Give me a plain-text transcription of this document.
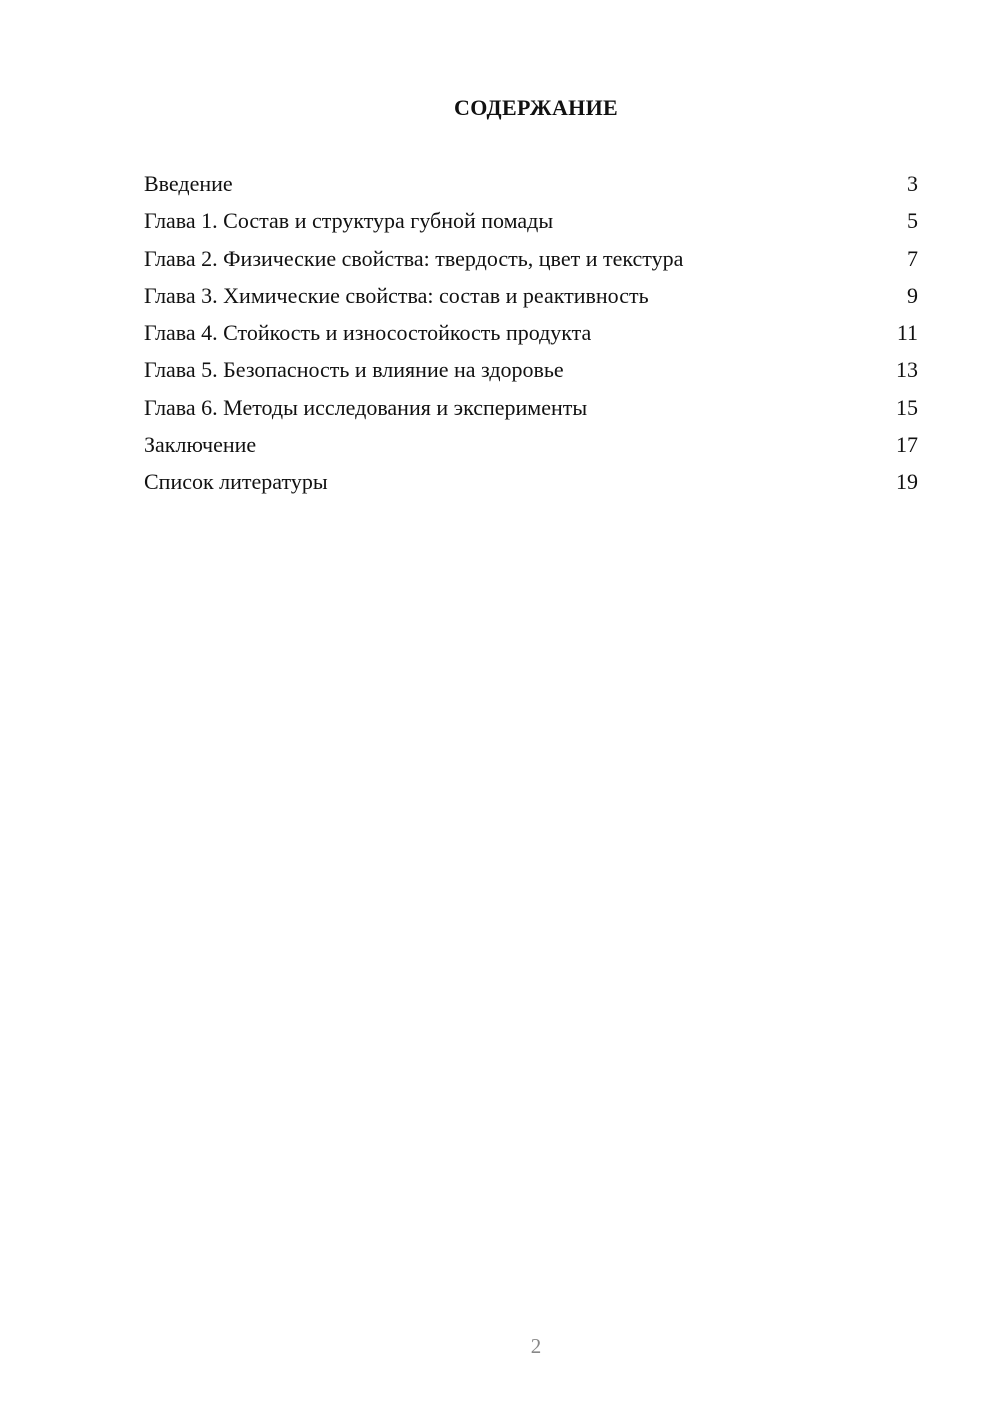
СОДЕРЖАНИЕ
Введение	3
Глава 1. Состав и структура губной помады	5
Глава 2. Физические свойства: твердость, цвет и текстура	7
Глава 3. Химические свойства: состав и реактивность	9
Глава 4. Стойкость и износостойкость продукта	11
Глава 5. Безопасность и влияние на здоровье	13
Глава 6. Методы исследования и эксперименты	15
Заключение	17
Список литературы	19
2
